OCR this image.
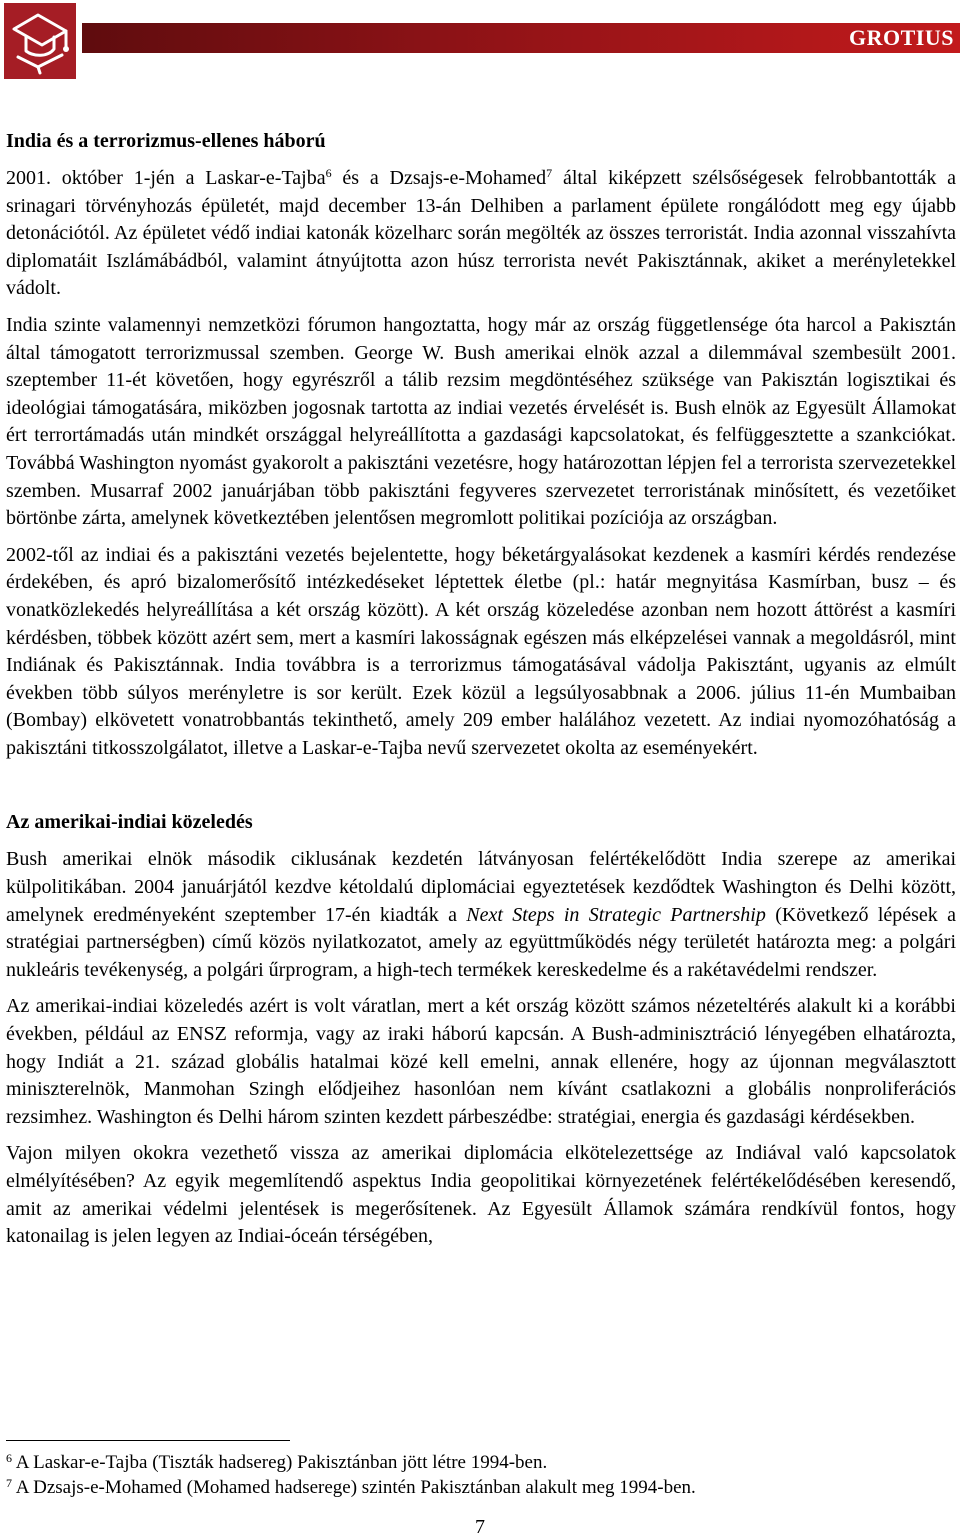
GROTIUS
India és a terrorizmus-ellenes háború

2001. október 1-jén a Laskar-e-Tajba$^6$ és a Dzsajs-e-Mohamed$^7$ által kiképzett szélsőségesek felrobbantották a srinagari törvényhozás épületét, majd december 13-án Delhiben a parlament épülete rongálódott meg egy újabb detonációtól. Az épületet védő indiai katonák közelharc során megölték az összes terroristát. India azonnal visszahívta diplomatáit Iszlámábádból, valamint átnyújtotta azon húsz terrorista nevét Pakisztánnak, akiket a merényletekkel vádolt.

India szinte valamennyi nemzetközi fórumon hangoztatta, hogy már az ország függetlensége óta harcol a Pakisztán által támogatott terrorizmussal szemben. George W. Bush amerikai elnök azzal a dilemmával szembesült 2001. szeptember 11-ét követően, hogy egyrészről a tálib rezsim megdöntéséhez szüksége van Pakisztán logisztikai és ideológiai támogatására, miközben jogosnak tartotta az indiai vezetés érvelését is. Bush elnök az Egyesült Államokat ért terrortámadás után mindkét országgal helyreállította a gazdasági kapcsolatokat, és felfüggesztette a szankciókat. Továbbá Washington nyomást gyakorolt a pakisztáni vezetésre, hogy határozottan lépjen fel a terrorista szervezetekkel szemben. Musarraf 2002 januárjában több pakisztáni fegyveres szervezetet terroristának minősített, és vezetőiket börtönbe zárta, amelynek következtében jelentősen megromlott politikai pozíciója az országban.

2002-től az indiai és a pakisztáni vezetés bejelentette, hogy béketárgyalásokat kezdenek a kasmíri kérdés rendezése érdekében, és apró bizalomerősítő intézkedéseket léptettek életbe (pl.: határ megnyitása Kasmírban, busz – és vonatközlekedés helyreállítása a két ország között). A két ország közeledése azonban nem hozott áttörést a kasmíri kérdésben, többek között azért sem, mert a kasmíri lakosságnak egészen más elképzelései vannak a megoldásról, mint Indiának és Pakisztánnak. India továbbra is a terrorizmus támogatásával vádolja Pakisztánt, ugyanis az elmúlt években több súlyos merényletre is sor került. Ezek közül a legsúlyosabbnak a 2006. július 11-én Mumbaiban (Bombay) elkövetett vonatrobbantás tekinthető, amely 209 ember halálához vezetett. Az indiai nyomozóhatóság a pakisztáni titkosszolgálatot, illetve a Laskar-e-Tajba nevű szervezetet okolta az eseményekért.

Az amerikai-indiai közeledés

Bush amerikai elnök második ciklusának kezdetén látványosan felértékelődött India szerepe az amerikai külpolitikában. 2004 januárjától kezdve kétoldalú diplomáciai egyeztetések kezdődtek Washington és Delhi között, amelynek eredményeként szeptember 17-én kiadták a Next Steps in Strategic Partnership (Következő lépések a stratégiai partnerségben) című közös nyilatkozatot, amely az együttműködés négy területét határozta meg: a polgári nukleáris tevékenység, a polgári űrprogram, a high-tech termékek kereskedelme és a rakétavédelmi rendszer.

Az amerikai-indiai közeledés azért is volt váratlan, mert a két ország között számos nézeteltérés alakult ki a korábbi években, például az ENSZ reformja, vagy az iraki háború kapcsán. A Bush-adminisztráció lényegében elhatározta, hogy Indiát a 21. század globális hatalmai közé kell emelni, annak ellenére, hogy az újonnan megválasztott miniszterelnök, Manmohan Szingh elődjeihez hasonlóan nem kívánt csatlakozni a globális nonproliferációs rezsimhez. Washington és Delhi három szinten kezdett párbeszédbe: stratégiai, energia és gazdasági kérdésekben.

Vajon milyen okokra vezethető vissza az amerikai diplomácia elkötelezettsége az Indiával való kapcsolatok elmélyítésében? Az egyik megemlítendő aspektus India geopolitikai környezetének felértékelődésében keresendő, amit az amerikai védelmi jelentések is megerősítenek. Az Egyesült Államok számára rendkívül fontos, hogy katonailag is jelen legyen az Indiai-óceán térségében,

$^6$ A Laskar-e-Tajba (Tiszták hadsereg) Pakisztánban jött létre 1994-ben.
$^7$ A Dzsajs-e-Mohamed (Mohamed hadserege) szintén Pakisztánban alakult meg 1994-ben.
7
